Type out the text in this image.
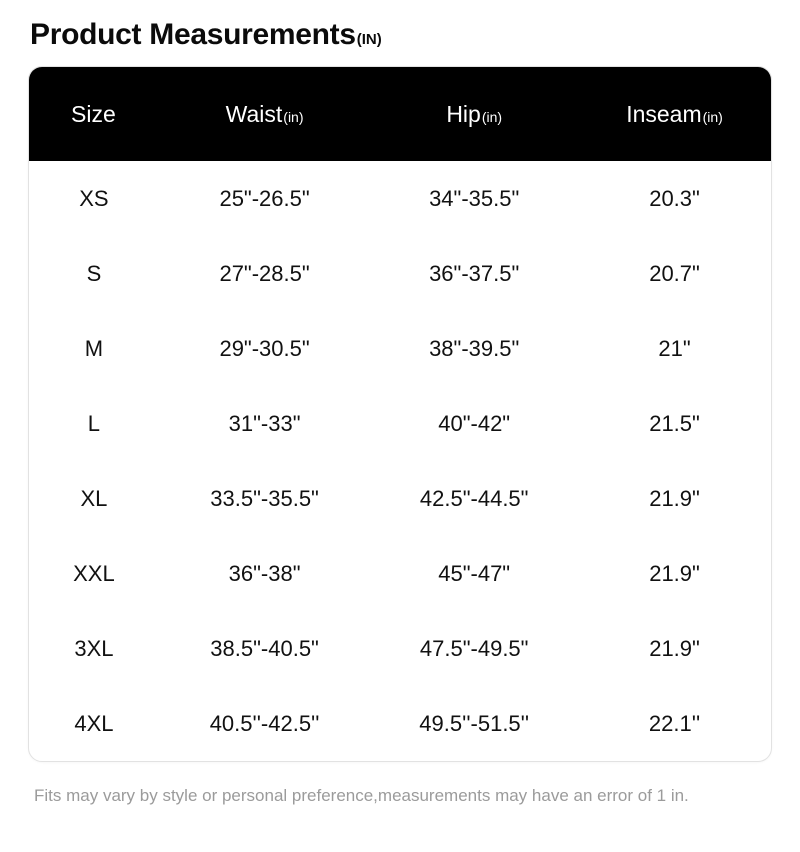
Product Measurements (IN)
Size	Waist (in)	Hip (in)	Inseam (in)

XS	25"-26.5"	34"-35.5"	20.3"
S	27"-28.5"	36"-37.5"	20.7"
M	29"-30.5"	38"-39.5"	21"
L	31"-33"	40"-42"	21.5"
XL	33.5"-35.5"	42.5"-44.5"	21.9"
XXL	36"-38"	45"-47"	21.9"
3XL	38.5"-40.5"	47.5"-49.5"	21.9"
4XL	40.5''-42.5''	49.5''-51.5''	22.1''
Fits may vary by style or personal preference,measurements may have an error of 1 in.
